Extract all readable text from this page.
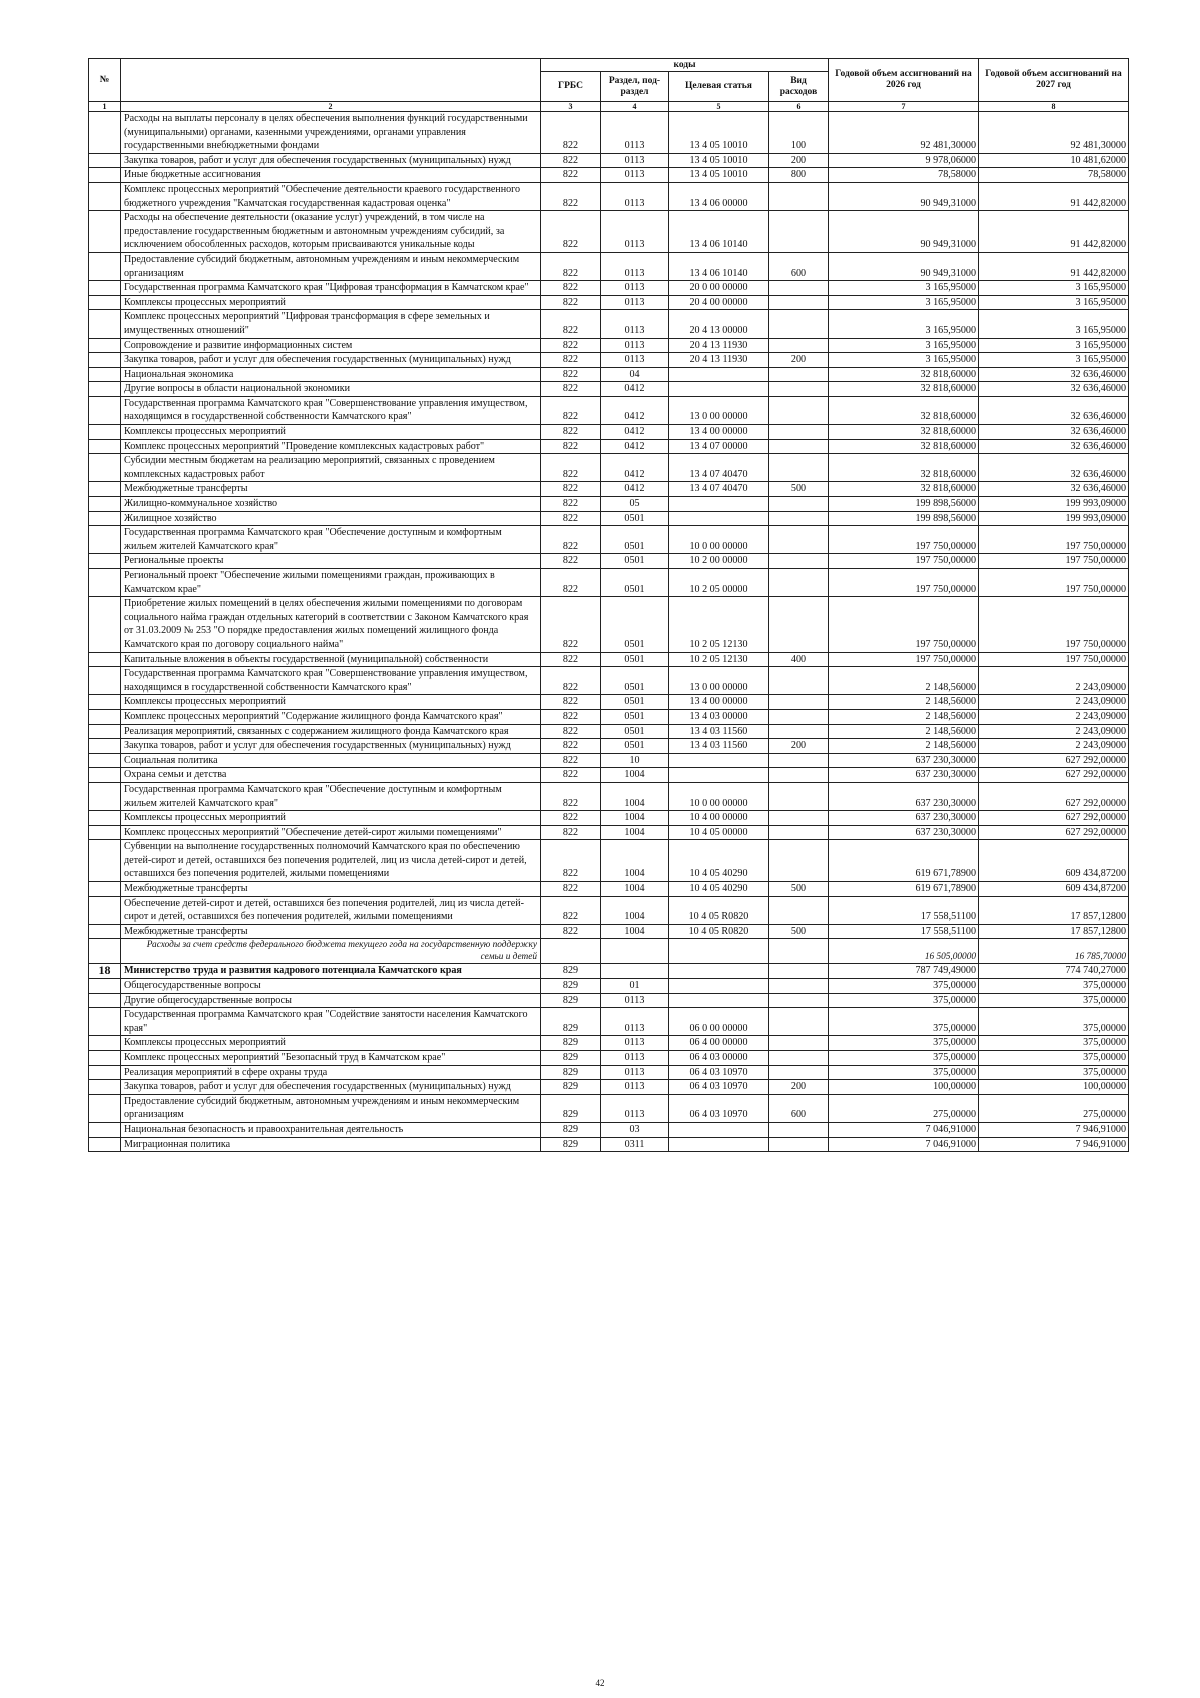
№		коды				Годовой объем ассигнований на 2026 год	Годовой объем ассигнований на 2027 год
		ГРБС	Раздел, под- раздел	Целевая статья	Вид расходов		
1	2	3	4	5	6	7	8
	Расходы на выплаты персоналу в целях обеспечения выполнения функций государственными (муниципальными) органами, казенными учреждениями, органами управления государственными внебюджетными фондами	822	0113	13 4 05 10010	100	92 481,30000	92 481,30000
	Закупка товаров, работ и услуг для обеспечения государственных (муниципальных) нужд	822	0113	13 4 05 10010	200	9 978,06000	10 481,62000
	Иные бюджетные ассигнования	822	0113	13 4 05 10010	800	78,58000	78,58000
	Комплекс процессных мероприятий "Обеспечение деятельности краевого государственного бюджетного учреждения "Камчатская государственная кадастровая оценка"	822	0113	13 4 06 00000		90 949,31000	91 442,82000
	Расходы на обеспечение деятельности (оказание услуг) учреждений, в том числе на предоставление государственным бюджетным и автономным учреждениям субсидий, за исключением обособленных расходов, которым присваиваются уникальные коды	822	0113	13 4 06 10140		90 949,31000	91 442,82000
	Предоставление субсидий бюджетным, автономным учреждениям и иным некоммерческим организациям	822	0113	13 4 06 10140	600	90 949,31000	91 442,82000
	Государственная программа Камчатского края "Цифровая трансформация в Камчатском крае"	822	0113	20 0 00 00000		3 165,95000	3 165,95000
	Комплексы процессных мероприятий	822	0113	20 4 00 00000		3 165,95000	3 165,95000
	Комплекс процессных мероприятий "Цифровая трансформация в сфере земельных и имущественных отношений"	822	0113	20 4 13 00000		3 165,95000	3 165,95000
	Сопровождение и развитие информационных систем	822	0113	20 4 13 11930		3 165,95000	3 165,95000
	Закупка товаров, работ и услуг для обеспечения государственных (муниципальных) нужд	822	0113	20 4 13 11930	200	3 165,95000	3 165,95000
	Национальная экономика	822	04			32 818,60000	32 636,46000
	Другие вопросы в области национальной экономики	822	0412			32 818,60000	32 636,46000
	Государственная программа Камчатского края "Совершенствование управления имуществом, находящимся в государственной собственности Камчатского края"	822	0412	13 0 00 00000		32 818,60000	32 636,46000
	Комплексы процессных мероприятий	822	0412	13 4 00 00000		32 818,60000	32 636,46000
	Комплекс процессных мероприятий "Проведение комплексных кадастровых работ"	822	0412	13 4 07 00000		32 818,60000	32 636,46000
	Субсидии местным бюджетам на реализацию мероприятий, связанных с проведением комплексных кадастровых работ	822	0412	13 4 07 40470		32 818,60000	32 636,46000
	Межбюджетные трансферты	822	0412	13 4 07 40470	500	32 818,60000	32 636,46000
	Жилищно-коммунальное хозяйство	822	05			199 898,56000	199 993,09000
	Жилищное хозяйство	822	0501			199 898,56000	199 993,09000
	Государственная программа Камчатского края "Обеспечение доступным и комфортным жильем жителей Камчатского края"	822	0501	10 0 00 00000		197 750,00000	197 750,00000
	Региональные проекты	822	0501	10 2 00 00000		197 750,00000	197 750,00000
	Региональный проект "Обеспечение жилыми помещениями граждан, проживающих в Камчатском крае"	822	0501	10 2 05 00000		197 750,00000	197 750,00000
	Приобретение жилых помещений в целях обеспечения жилыми помещениями по договорам социального найма граждан отдельных категорий в соответствии с Законом Камчатского края от 31.03.2009 № 253 "О порядке предоставления жилых помещений жилищного фонда Камчатского края по договору социального найма"	822	0501	10 2 05 12130		197 750,00000	197 750,00000
	Капитальные вложения в объекты государственной (муниципальной) собственности	822	0501	10 2 05 12130	400	197 750,00000	197 750,00000
	Государственная программа Камчатского края "Совершенствование управления имуществом, находящимся в государственной собственности Камчатского края"	822	0501	13 0 00 00000		2 148,56000	2 243,09000
	Комплексы процессных мероприятий	822	0501	13 4 00 00000		2 148,56000	2 243,09000
	Комплекс процессных мероприятий "Содержание жилищного фонда Камчатского края"	822	0501	13 4 03 00000		2 148,56000	2 243,09000
	Реализация мероприятий, связанных с содержанием жилищного фонда Камчатского края	822	0501	13 4 03 11560		2 148,56000	2 243,09000
	Закупка товаров, работ и услуг для обеспечения государственных (муниципальных) нужд	822	0501	13 4 03 11560	200	2 148,56000	2 243,09000
	Социальная политика	822	10			637 230,30000	627 292,00000
	Охрана семьи и детства	822	1004			637 230,30000	627 292,00000
	Государственная программа Камчатского края "Обеспечение доступным и комфортным жильем жителей Камчатского края"	822	1004	10 0 00 00000		637 230,30000	627 292,00000
	Комплексы процессных мероприятий	822	1004	10 4 00 00000		637 230,30000	627 292,00000
	Комплекс процессных мероприятий "Обеспечение детей-сирот жилыми помещениями"	822	1004	10 4 05 00000		637 230,30000	627 292,00000
	Субвенции на выполнение государственных полномочий Камчатского края по обеспечению детей-сирот и детей, оставшихся без попечения родителей, лиц из числа детей-сирот и детей, оставшихся без попечения родителей, жилыми помещениями	822	1004	10 4 05 40290		619 671,78900	609 434,87200
	Межбюджетные трансферты	822	1004	10 4 05 40290	500	619 671,78900	609 434,87200
	Обеспечение детей-сирот и детей, оставшихся без попечения родителей, лиц из числа детей-сирот и детей, оставшихся без попечения родителей, жилыми помещениями	822	1004	10 4 05 R0820		17 558,51100	17 857,12800
	Межбюджетные трансферты	822	1004	10 4 05 R0820	500	17 558,51100	17 857,12800
	Расходы за счет средств федерального бюджета текущего года на государственную поддержку семьи и детей					16 505,00000	16 785,70000
18	Министерство труда и развития кадрового потенциала Камчатского края	829				787 749,49000	774 740,27000
	Общегосударственные вопросы	829	01			375,00000	375,00000
	Другие общегосударственные вопросы	829	0113			375,00000	375,00000
	Государственная программа Камчатского края "Содействие занятости населения Камчатского края"	829	0113	06 0 00 00000		375,00000	375,00000
	Комплексы процессных мероприятий	829	0113	06 4 00 00000		375,00000	375,00000
	Комплекс процессных мероприятий "Безопасный труд в Камчатском крае"	829	0113	06 4 03 00000		375,00000	375,00000
	Реализация мероприятий в сфере охраны труда	829	0113	06 4 03 10970		375,00000	375,00000
	Закупка товаров, работ и услуг для обеспечения государственных (муниципальных) нужд	829	0113	06 4 03 10970	200	100,00000	100,00000
	Предоставление субсидий бюджетным, автономным учреждениям и иным некоммерческим организациям	829	0113	06 4 03 10970	600	275,00000	275,00000
	Национальная безопасность и правоохранительная деятельность	829	03			7 046,91000	7 946,91000
	Миграционная политика	829	0311			7 046,91000	7 946,91000
42
